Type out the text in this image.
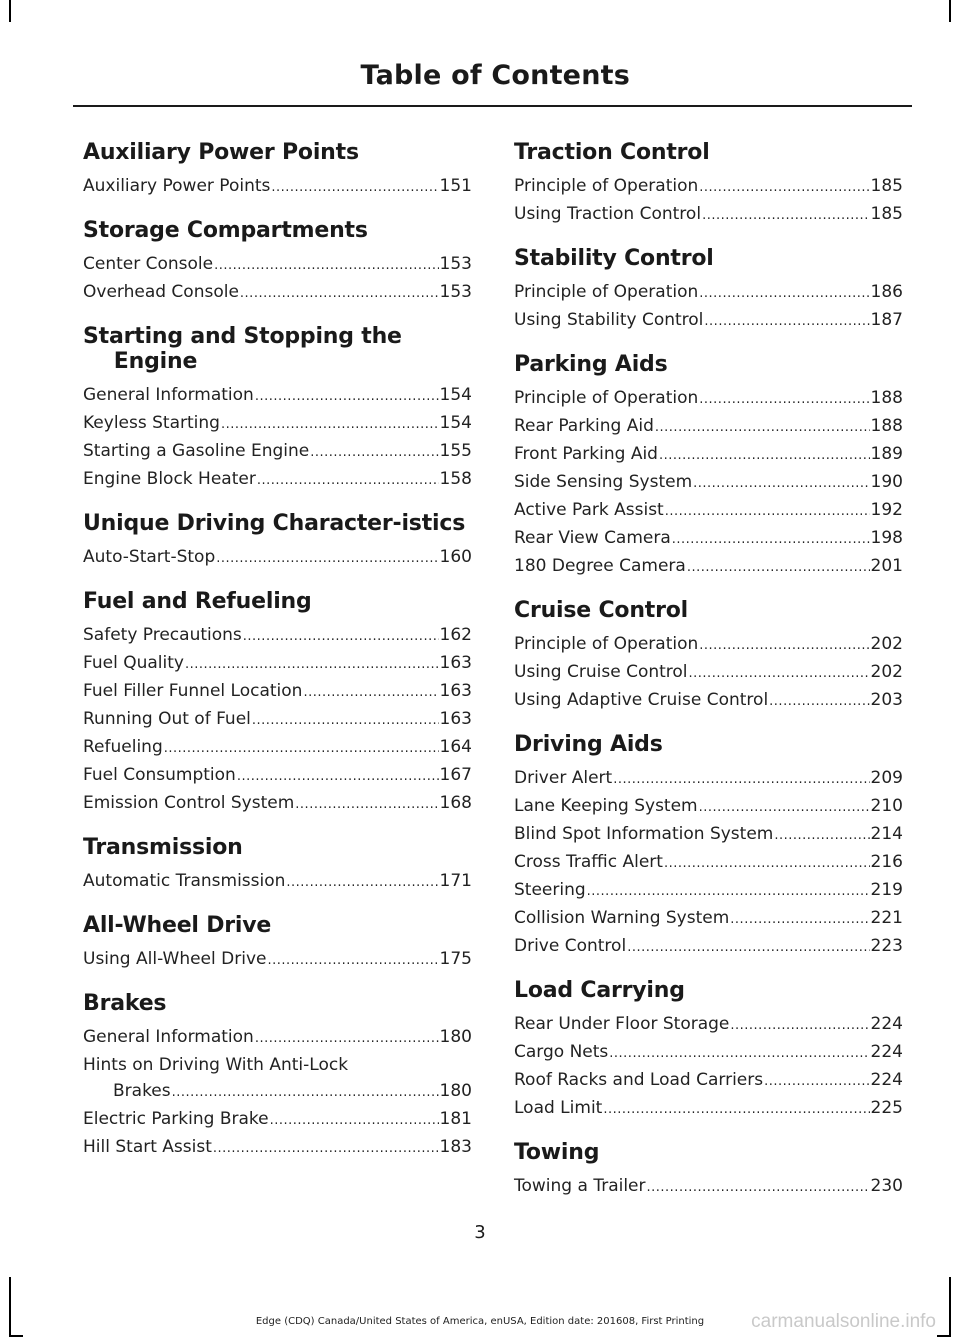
Table of Contents
Auxiliary Power Points
Auxiliary Power Points .....	151
Storage Compartments
Center Console .....	153
Overhead Console .....	153
Starting and Stopping the Engine
General Information .....	154
Keyless Starting .....	154
Starting a Gasoline Engine .....	155
Engine Block Heater .....	158
Unique Driving Character-istics
Auto-Start-Stop .....	160
Fuel and Refueling
Safety Precautions .....	162
Fuel Quality .....	163
Fuel Filler Funnel Location .....	163
Running Out of Fuel .....	163
Refueling .....	164
Fuel Consumption .....	167
Emission Control System .....	168
Transmission
Automatic Transmission .....	171
All-Wheel Drive
Using All-Wheel Drive .....	175
Brakes
General Information .....	180
Hints on Driving With Anti-Lock
Brakes .....	180
Electric Parking Brake .....	181
Hill Start Assist .....	183
Traction Control
Principle of Operation .....	185
Using Traction Control .....	185
Stability Control
Principle of Operation .....	186
Using Stability Control .....	187
Parking Aids
Principle of Operation .....	188
Rear Parking Aid .....	188
Front Parking Aid .....	189
Side Sensing System .....	190
Active Park Assist .....	192
Rear View Camera .....	198
180 Degree Camera .....	201
Cruise Control
Principle of Operation .....	202
Using Cruise Control .....	202
Using Adaptive Cruise Control .....	203
Driving Aids
Driver Alert .....	209
Lane Keeping System .....	210
Blind Spot Information System .....	214
Cross Traffic Alert .....	216
Steering .....	219
Collision Warning System .....	221
Drive Control .....	223
Load Carrying
Rear Under Floor Storage .....	224
Cargo Nets .....	224
Roof Racks and Load Carriers .....	224
Load Limit .....	225
Towing
Towing a Trailer .....	230
3
Edge (CDQ) Canada/United States of America, enUSA, Edition date: 201608, First Printing	carmanualsonline.info
